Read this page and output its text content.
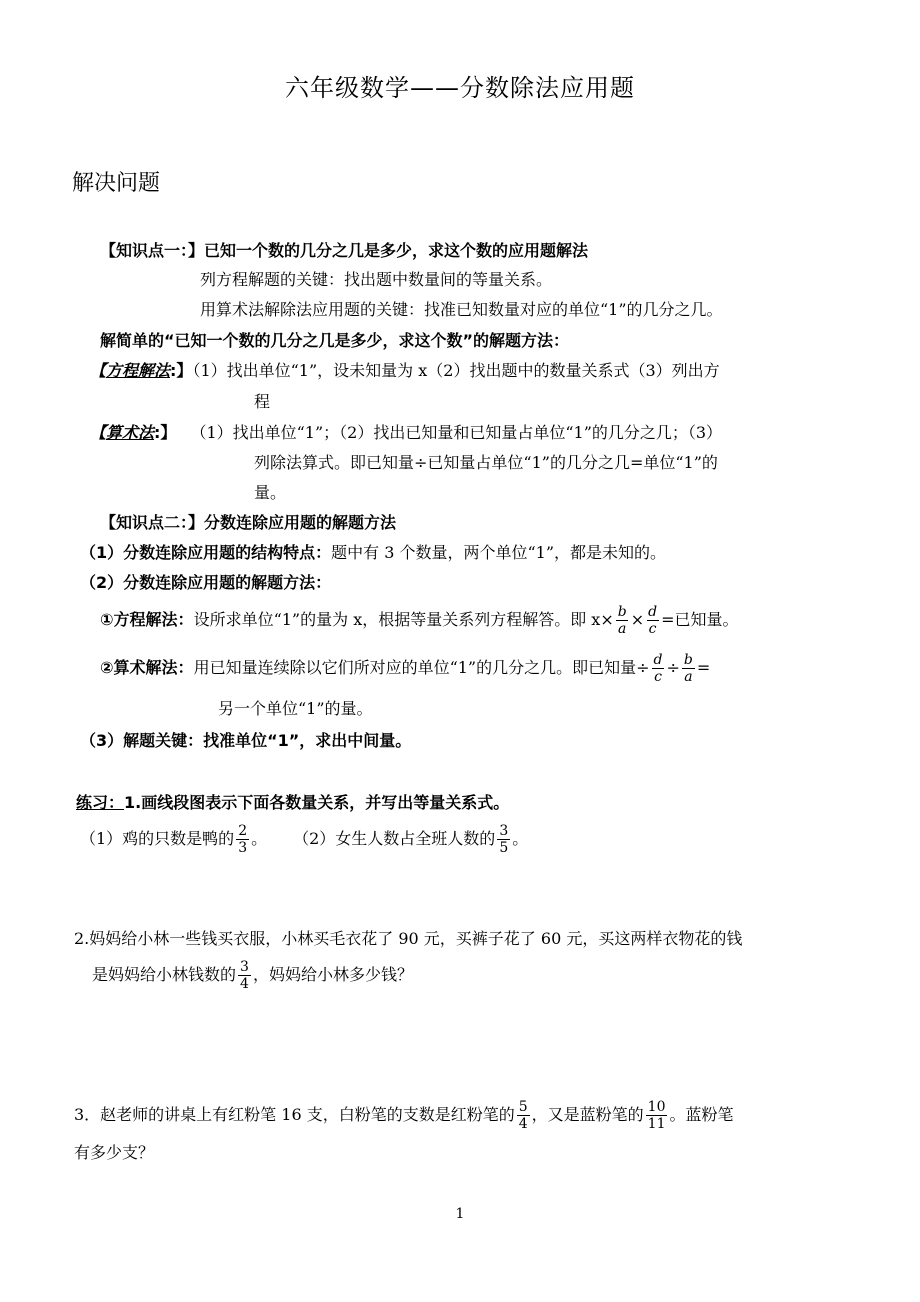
六年级数学——分数除法应用题
解决问题
【知识点一：】已知一个数的几分之几是多少，求这个数的应用题解法
列方程解题的关键：找出题中数量间的等量关系。
用算术法解除法应用题的关键：找准已知数量对应的单位“1”的几分之几。
解简单的“已知一个数的几分之几是多少，求这个数”的解题方法：
【方程解法:】（1）找出单位“1”，设未知量为 x（2）找出题中的数量关系式（3）列出方
程
【算术法:】 （1）找出单位“1”；（2）找出已知量和已知量占单位“1”的几分之几；（3）
列除法算式。即已知量÷已知量占单位“1”的几分之几=单位“1”的
量。
【知识点二：】分数连除应用题的解题方法
（1）分数连除应用题的结构特点：题中有 3 个数量，两个单位“1”，都是未知的。
（2）分数连除应用题的解题方法：
①方程解法： 设所求单位“1”的量为 x，根据等量关系列方程解答。即 $x\times \frac{b}{a} \times \frac{d}{c}$ =已知量。
②算术解法： 用已知量连续除以它们所对应的单位“1”的几分之几。即已知量÷ $\frac{d}{c} \div \frac{b}{a}$ =
另一个单位“1”的量。
（3）解题关键：找准单位“1”，求出中间量。
练习：1.画线段图表示下面各数量关系，并写出等量关系式。
（1）鸡的只数是鸭的 $\frac{2}{3}$ 。 （2）女生人数占全班人数的 $\frac{3}{5}$ 。
2.妈妈给小林一些钱买衣服，小林买毛衣花了 90 元，买裤子花了 60 元，买这两样衣物花的钱
是妈妈给小林钱数的 $\frac{3}{4}$ ，妈妈给小林多少钱？
3．赵老师的讲桌上有红粉笔 16 支，白粉笔的支数是红粉笔的 $\frac{5}{4}$ ，又是蓝粉笔的 $\frac{10}{11}$ 。蓝粉笔
有多少支？
1
